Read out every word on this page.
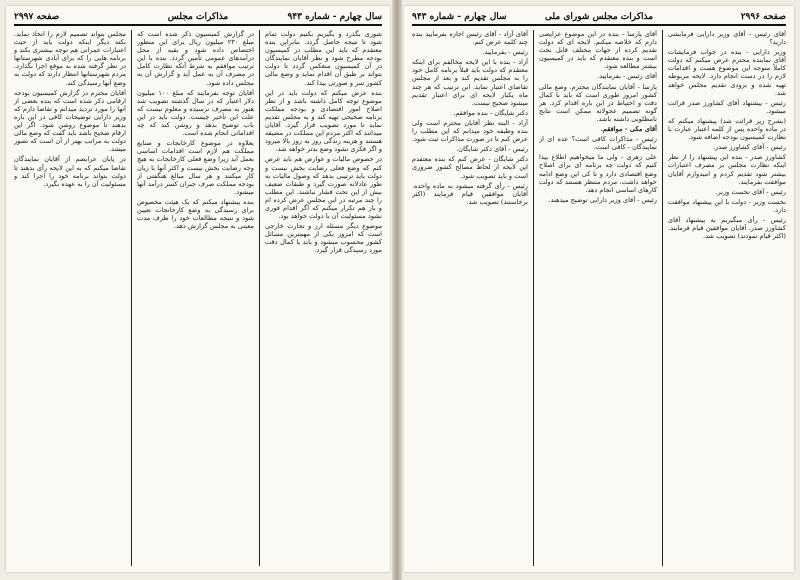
سال چهارم - شماره ۹۴۳
مذاکرات مجلس
صفحه ۲۹۹۷

شوری بگذرد و بگیریم بکنیم دولت تمام شود تا نتیجه حاصل گردد. بنابراین بنده معتقدم که باید این مطلب در کمیسیون بودجه مطرح شود و نظر آقایان نمایندگان در آن کمیسیون منعکس گردد تا دولت بتواند بر طبق آن اقدام نماید و وضع مالی کشور سر و صورتی پیدا کند.

بنده عرض میکنم که دولت باید در این موضوع توجه کامل داشته باشد و از نظر اصلاح امور اقتصادی و بودجه مملکت برنامه صحیحی تهیه کند و به مجلس تقدیم نماید تا مورد تصویب قرار گیرد. آقایان میدانند که اکثر مردم این مملکت در مضیقه هستند و هزینه زندگی روز به روز بالا میرود و اگر فکری نشود وضع بدتر خواهد شد.

در خصوص مالیات و عوارض هم باید عرض کنم که وضع فعلی رضایت بخش نیست و دولت باید ترتیبی بدهد که وصول مالیات به طور عادلانه صورت گیرد و طبقات ضعیف بیش از این تحت فشار نباشند. این مطلب را چند مرتبه در این مجلس عرض کرده ام و باز هم تکرار میکنم که اگر اقدام فوری نشود مسئولیت آن با دولت خواهد بود.

موضوع دیگر مسئله ارز و تجارت خارجی است که امروز یکی از مهمترین مسائل کشور محسوب میشود و باید با کمال دقت مورد رسیدگی قرار گیرد.

در گزارش کمیسیون ذکر شده است که مبلغ ۲۳۰ میلیون ریال برای این منظور اختصاص داده شود و بقیه از محل درآمدهای عمومی تأمین گردد. بنده با این ترتیب موافقم به شرط آنکه نظارت کامل در مصرف آن به عمل آید و گزارش آن به مجلس داده شود.

آقایان توجه بفرمایند که مبلغ ۱۰۰ میلیون دلار اعتبار که در سال گذشته تصویب شد هنوز به مصرف نرسیده و معلوم نیست که علت این تأخیر چیست. دولت باید در این باب توضیح بدهد و روشن کند که چه اقداماتی انجام شده است.

بعلاوه در موضوع کارخانجات و صنایع مملکت هم لازم است اقدامات اساسی بعمل آید زیرا وضع فعلی کارخانجات به هیچ وجه رضایت بخش نیست و اکثر آنها با زیان کار میکنند و هر سال مبالغ هنگفتی از بودجه مملکت صرف جبران کسر درآمد آنها میشود.

بنده پیشنهاد میکنم که یک هیئت مخصوص برای رسیدگی به وضع کارخانجات تعیین شود و نتیجه مطالعات خود را ظرف مدت معینی به مجلس گزارش دهد.

مجلس بتواند تصمیم لازم را اتخاذ نماید. نکته دیگر اینکه دولت باید از حیث اعتبارات عمرانی هم توجه بیشتری بکند و برنامه هایی را که برای آبادی شهرستانها در نظر گرفته شده به موقع اجرا بگذارد. مردم شهرستانها انتظار دارند که دولت به وضع آنها رسیدگی کند.

آقایان محترم در گزارش کمیسیون بودجه ارقامی ذکر شده است که بنده بعضی از آنها را مورد تردید میدانم و تقاضا دارم که وزیر دارایی توضیحات کافی در این باره بدهند تا موضوع روشن شود. اگر این ارقام صحیح باشد باید گفت که وضع مالی دولت به مراتب بهتر از آن است که تصور میشد.

در پایان عرایضم از آقایان نمایندگان تقاضا میکنم که به این لایحه رأی بدهند تا دولت بتواند برنامه خود را اجرا کند و مسئولیت آن را به عهده بگیرد.

صفحه ۲۹۹۶
مذاکرات مجلس شورای ملی
سال چهارم - شماره ۹۴۳

آقای رئیس - آقای وزیر دارایی فرمایشی دارید؟

وزیر دارایی - بنده در جواب فرمایشات آقای نماینده محترم عرض میکنم که دولت کاملاً متوجه این موضوع هست و اقدامات لازم را در دست انجام دارد. لایحه مربوطه تهیه شده و بزودی تقدیم مجلس خواهد شد.

رئیس - پیشنهاد آقای کشاورز صدر قرائت میشود.

(بشرح زیر قرائت شد) پیشنهاد میکنم که در ماده واحده پس از کلمه اعتبار عبارت با نظارت کمیسیون بودجه اضافه شود.

رئیس - آقای کشاورز صدر.

کشاورز صدر - بنده این پیشنهاد را از نظر اینکه نظارت مجلس بر مصرف اعتبارات بیشتر شود تقدیم کردم و امیدوارم آقایان موافقت بفرمایند.

رئیس - آقای نخست وزیر.

نخست وزیر - دولت با این پیشنهاد موافقت دارد.

رئیس - رأی میگیریم به پیشنهاد آقای کشاورز صدر. آقایان موافقین قیام فرمایند. (اکثر قیام نمودند) تصویب شد.

آقای پارسا - بنده در این موضوع عرایضی دارم که خلاصه میکنم. لایحه ای که دولت تقدیم کرده از جهات مختلف قابل بحث است و بنده معتقدم که باید در کمیسیون بیشتر مطالعه شود.

آقای رئیس - بفرمایید.

پارسا - آقایان نمایندگان محترم، وضع مالی کشور امروز طوری است که باید با کمال دقت و احتیاط در این باره اقدام کرد. هر گونه تصمیم عجولانه ممکن است نتایج نامطلوبی داشته باشد.

آقای مکی - موافقم.

رئیس - مذاکرات کافی است؟ عده ای از نمایندگان - کافی است.

علی زهری - ولی ما میخواهیم اطلاع پیدا کنیم که دولت چه برنامه ای برای اصلاح وضع اقتصادی دارد و تا کی این وضع ادامه خواهد داشت. مردم منتظر هستند که دولت کارهای اساسی انجام دهد.

رئیس - آقای وزیر دارایی توضیح میدهند.

آقای آزاد - آقای رئیس اجازه بفرمایید بنده چند کلمه عرض کنم.

رئیس - بفرمایید.

آزاد - بنده با این لایحه مخالفم برای اینکه معتقدم که دولت باید قبلاً برنامه کامل خود را به مجلس تقدیم کند و بعد از مجلس تقاضای اعتبار نماید. این ترتیب که هر چند ماه یکبار لایحه ای برای اعتبار تقدیم میشود صحیح نیست.

دکتر شایگان - بنده موافقم.

آزاد - البته نظر آقایان محترم است ولی بنده وظیفه خود میدانم که این مطلب را عرض کنم تا در صورت مذاکرات ثبت شود.

رئیس - آقای دکتر شایگان.

دکتر شایگان - عرض کنم که بنده معتقدم این لایحه از لحاظ مصالح کشور ضروری است و باید تصویب شود.

رئیس - رأی گرفته میشود به ماده واحده. آقایان موافقین قیام فرمایند (اکثر برخاستند) تصویب شد.
